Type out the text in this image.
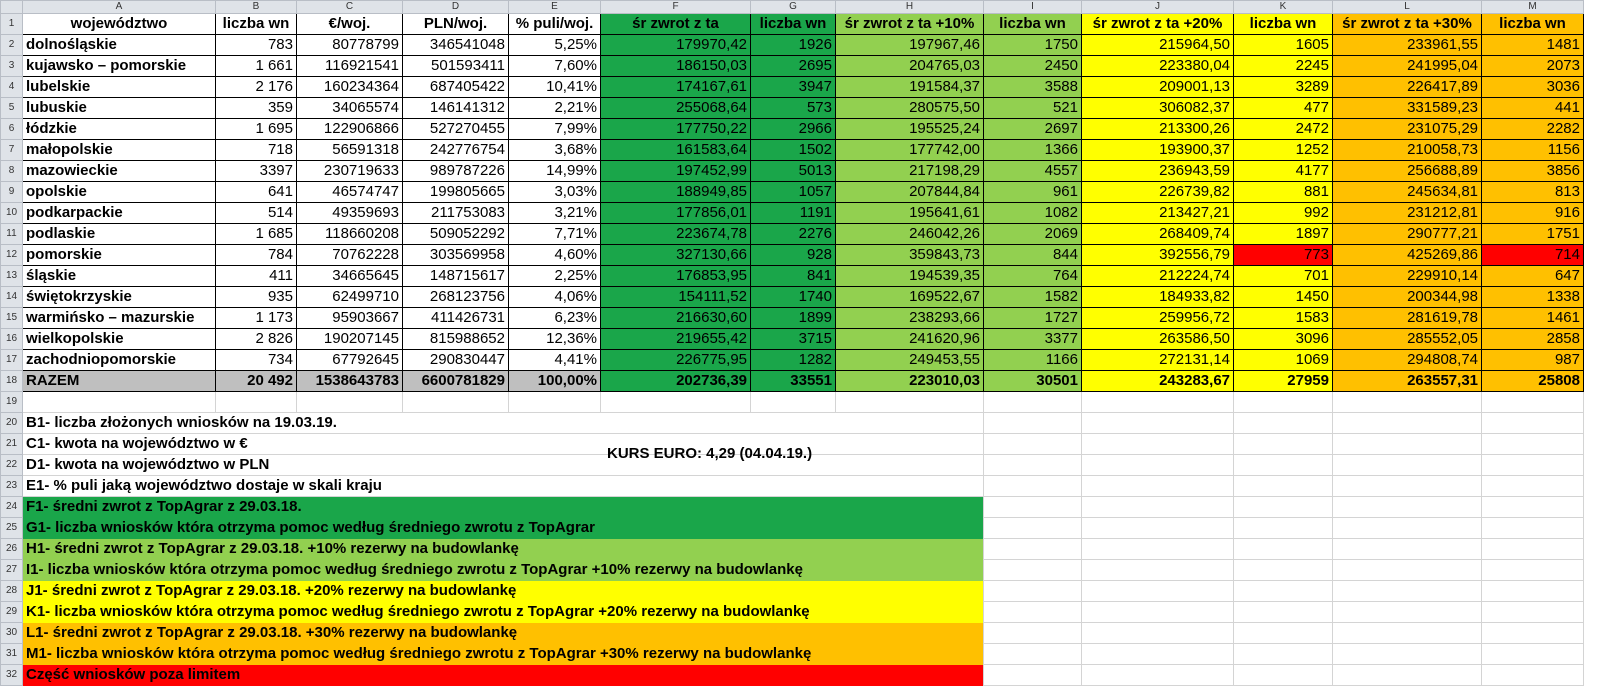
	A	B	C	D	E	F	G	H	I	J	K	L	M
1	województwo	liczba wn	€/woj.	PLN/woj.	% puli/woj.	śr zwrot z ta	liczba wn	śr zwrot z ta +10%	liczba wn	śr zwrot z ta +20%	liczba wn	śr zwrot z ta +30%	liczba wn
2	dolnośląskie	783	80778799	346541048	5,25%	179970,42	1926	197967,46	1750	215964,50	1605	233961,55	1481
3	kujawsko – pomorskie	1 661	116921541	501593411	7,60%	186150,03	2695	204765,03	2450	223380,04	2245	241995,04	2073
4	lubelskie	2 176	160234364	687405422	10,41%	174167,61	3947	191584,37	3588	209001,13	3289	226417,89	3036
5	lubuskie	359	34065574	146141312	2,21%	255068,64	573	280575,50	521	306082,37	477	331589,23	441
6	łódzkie	1 695	122906866	527270455	7,99%	177750,22	2966	195525,24	2697	213300,26	2472	231075,29	2282
7	małopolskie	718	56591318	242776754	3,68%	161583,64	1502	177742,00	1366	193900,37	1252	210058,73	1156
8	mazowieckie	3397	230719633	989787226	14,99%	197452,99	5013	217198,29	4557	236943,59	4177	256688,89	3856
9	opolskie	641	46574747	199805665	3,03%	188949,85	1057	207844,84	961	226739,82	881	245634,81	813
10	podkarpackie	514	49359693	211753083	3,21%	177856,01	1191	195641,61	1082	213427,21	992	231212,81	916
11	podlaskie	1 685	118660208	509052292	7,71%	223674,78	2276	246042,26	2069	268409,74	1897	290777,21	1751
12	pomorskie	784	70762228	303569958	4,60%	327130,66	928	359843,73	844	392556,79	773	425269,86	714
13	śląskie	411	34665645	148715617	2,25%	176853,95	841	194539,35	764	212224,74	701	229910,14	647
14	świętokrzyskie	935	62499710	268123756	4,06%	154111,52	1740	169522,67	1582	184933,82	1450	200344,98	1338
15	warmińsko – mazurskie	1 173	95903667	411426731	6,23%	216630,60	1899	238293,66	1727	259956,72	1583	281619,78	1461
16	wielkopolskie	2 826	190207145	815988652	12,36%	219655,42	3715	241620,96	3377	263586,50	3096	285552,05	2858
17	zachodniopomorskie	734	67792645	290830447	4,41%	226775,95	1282	249453,55	1166	272131,14	1069	294808,74	987
18	RAZEM	20 492	1538643783	6600781829	100,00%	202736,39	33551	223010,03	30501	243283,67	27959	263557,31	25808
19													
20	B1- liczba złożonych wniosków na 19.03.19.												
21	C1- kwota na województwo w €												
22	D1- kwota na województwo w PLN												
23	E1- % puli jaką województwo dostaje w skali kraju												
24	F1- średni zwrot z TopAgrar z 29.03.18.												
25	G1- liczba wniosków która otrzyma pomoc według średniego zwrotu z TopAgrar												
26	H1- średni zwrot z TopAgrar z 29.03.18. +10% rezerwy na budowlankę												
27	I1- liczba wniosków która otrzyma pomoc według średniego zwrotu z TopAgrar +10% rezerwy na budowlankę												
28	J1- średni zwrot z TopAgrar z 29.03.18. +20% rezerwy na budowlankę												
29	K1- liczba wniosków która otrzyma pomoc według średniego zwrotu z TopAgrar +20% rezerwy na budowlankę												
30	L1- średni zwrot z TopAgrar z 29.03.18. +30% rezerwy na budowlankę												
31	M1- liczba wniosków która otrzyma pomoc według średniego zwrotu z TopAgrar +30% rezerwy na budowlankę												
32	Część wniosków poza limitem												
KURS EURO: 4,29 (04.04.19.)
